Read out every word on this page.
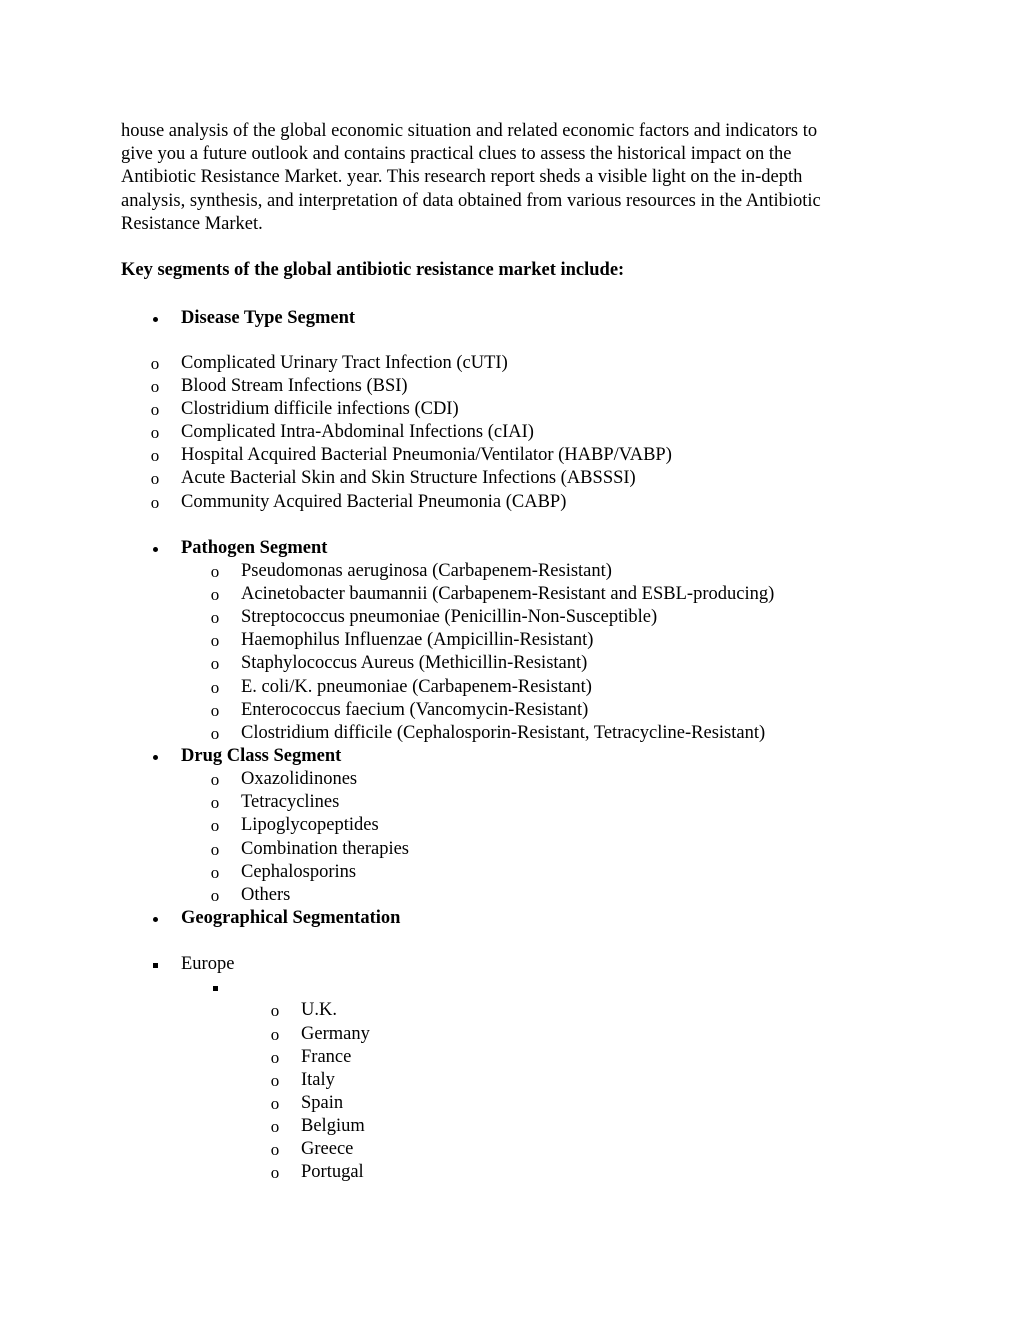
house analysis of the global economic situation and related economic factors and indicators to
give you a future outlook and contains practical clues to assess the historical impact on the
Antibiotic Resistance Market. year. This research report sheds a visible light on the in-depth
analysis, synthesis, and interpretation of data obtained from various resources in the Antibiotic
Resistance Market.

Key segments of the global antibiotic resistance market include:

Disease Type Segment
o Complicated Urinary Tract Infection (cUTI)
o Blood Stream Infections (BSI)
o Clostridium difficile infections (CDI)
o Complicated Intra-Abdominal Infections (cIAI)
o Hospital Acquired Bacterial Pneumonia/Ventilator (HABP/VABP)
o Acute Bacterial Skin and Skin Structure Infections (ABSSSI)
o Community Acquired Bacterial Pneumonia (CABP)
Pathogen Segment
o Pseudomonas aeruginosa (Carbapenem-Resistant)
o Acinetobacter baumannii (Carbapenem-Resistant and ESBL-producing)
o Streptococcus pneumoniae (Penicillin-Non-Susceptible)
o Haemophilus Influenzae (Ampicillin-Resistant)
o Staphylococcus Aureus (Methicillin-Resistant)
o E. coli/K. pneumoniae (Carbapenem-Resistant)
o Enterococcus faecium (Vancomycin-Resistant)
o Clostridium difficile (Cephalosporin-Resistant, Tetracycline-Resistant)
Drug Class Segment
o Oxazolidinones
o Tetracyclines
o Lipoglycopeptides
o Combination therapies
o Cephalosporins
o Others
Geographical Segmentation
Europe
o U.K.
o Germany
o France
o Italy
o Spain
o Belgium
o Greece
o Portugal
